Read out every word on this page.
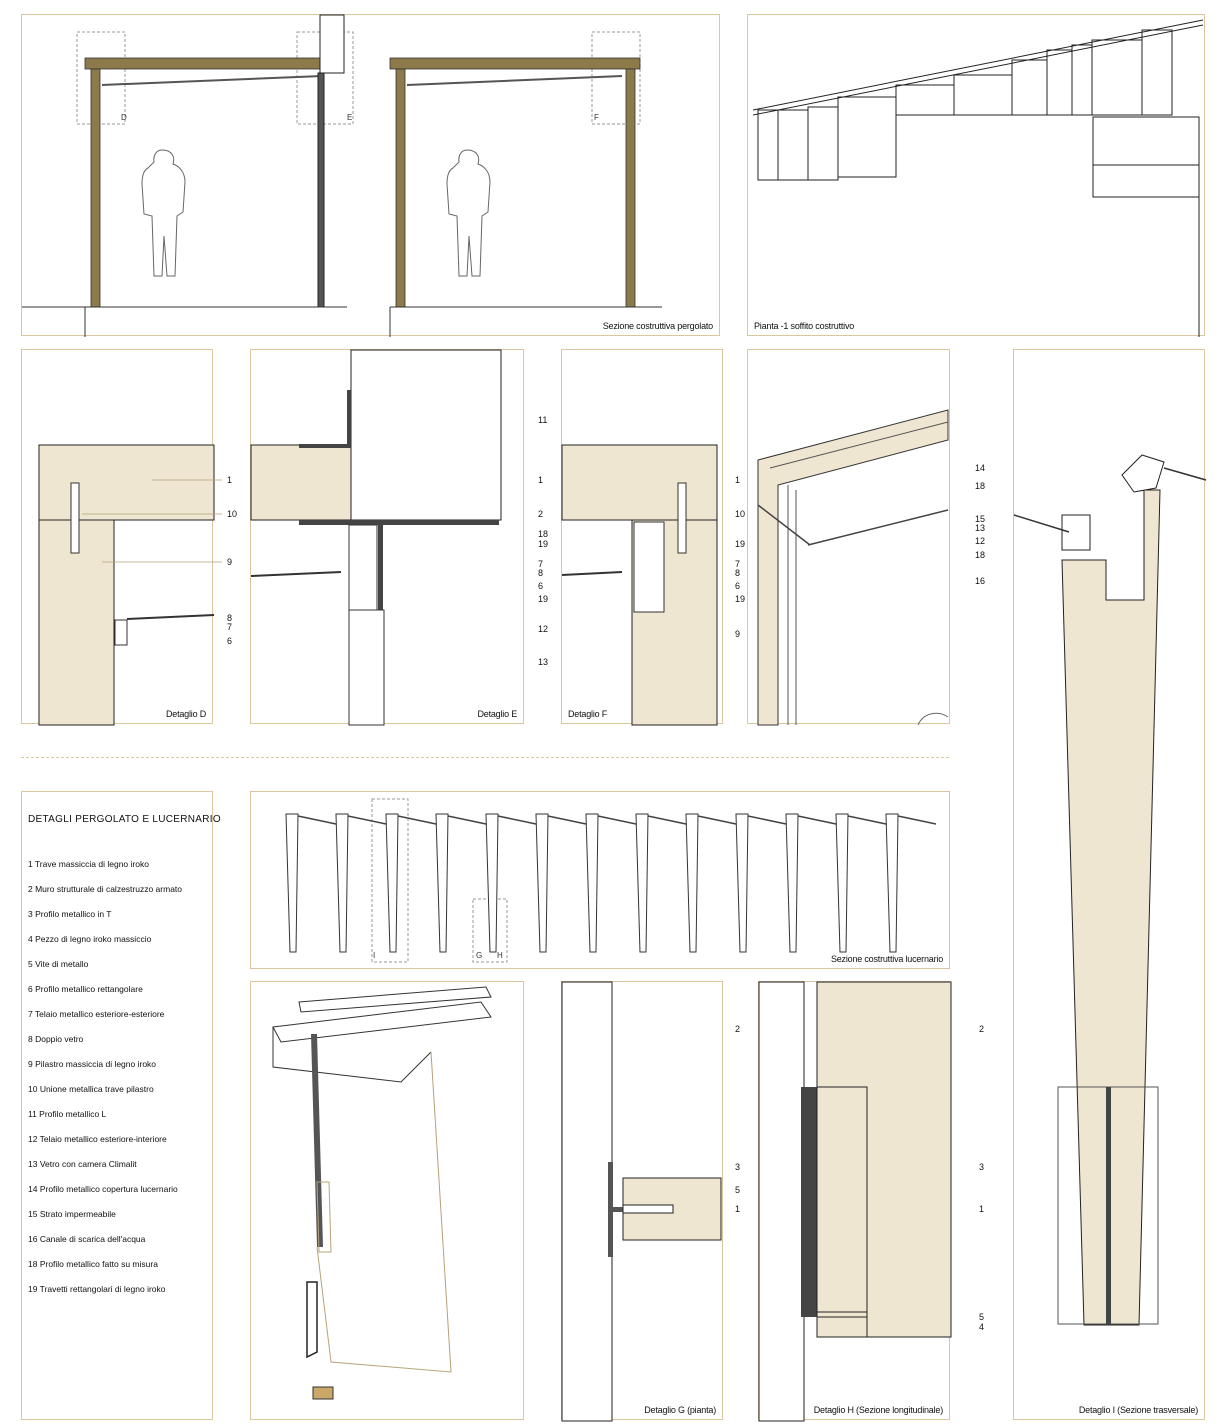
D	E	F
Sezione costruttiva pergolato	Pianta -1 soffito costruttivo
1
10
9
8
7
6
Detaglio D
11
1
2
18
19
7
8
6
19
12
13
Detaglio E
1
10
19
7
8
6
19
9
Detaglio F
14
18
15
13
12
18
16
Detaglio I (Sezione trasversale)
DETAGLI PERGOLATO E LUCERNARIO
1 Trave massiccia di legno iroko
2 Muro strutturale di calzestruzzo armato
3 Profilo metallico in T
4 Pezzo di legno iroko massiccio
5 Vite di metallo
6 Profilo metallico rettangolare
7 Telaio metallico esteriore-esteriore
8 Doppio vetro
9 Pilastro massiccia di legno iroko
10 Unione metallica trave pilastro
11 Profilo metallico L
12 Telaio metallico esteriore-interiore
13 Vetro con camera Climalit
14 Profilo metallico copertura lucernario
15 Strato impermeabile
16 Canale di scarica dell'acqua
18 Profilo metallico fatto su misura
19 Travetti rettangolari di legno iroko
I	G H	Sezione costruttiva lucernario
2
3
5
1
Detaglio G (pianta)
2
3
1
5
4
Detaglio H (Sezione longitudinale)
